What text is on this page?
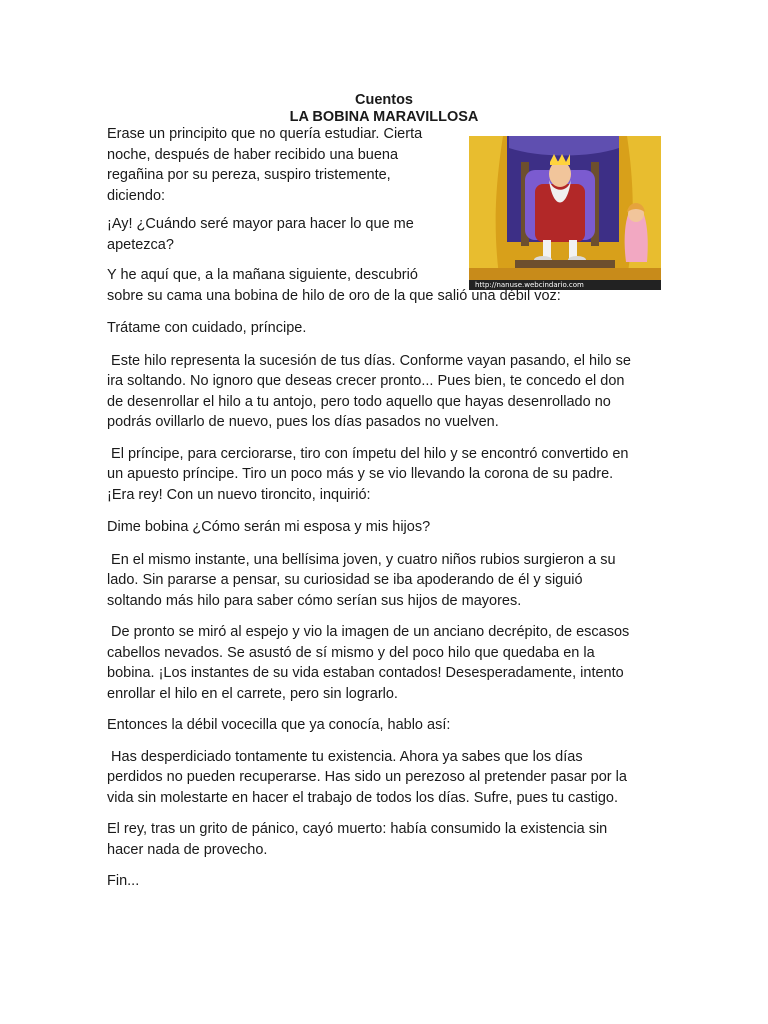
Cuentos
LA BOBINA MARAVILLOSA
http://nanuse.webcindario.com

Erase un principito que no quería estudiar. Cierta
noche, después de haber recibido una buena
regañina por su pereza, suspiro tristemente,
diciendo:

¡Ay! ¿Cuándo seré mayor para hacer lo que me
apetezca?

Y he aquí que, a la mañana siguiente, descubrió
sobre su cama una bobina de hilo de oro de la que salió una débil voz:

Trátame con cuidado, príncipe.

Este hilo representa la sucesión de tus días. Conforme vayan pasando, el hilo se
ira soltando. No ignoro que deseas crecer pronto... Pues bien, te concedo el don
de desenrollar el hilo a tu antojo, pero todo aquello que hayas desenrollado no
podrás ovillarlo de nuevo, pues los días pasados no vuelven.

El príncipe, para cerciorarse, tiro con ímpetu del hilo y se encontró convertido en
un apuesto príncipe. Tiro un poco más y se vio llevando la corona de su padre.
¡Era rey! Con un nuevo tironcito, inquirió:

Dime bobina ¿Cómo serán mi esposa y mis hijos?

En el mismo instante, una bellísima joven, y cuatro niños rubios surgieron a su
lado. Sin pararse a pensar, su curiosidad se iba apoderando de él y siguió
soltando más hilo para saber cómo serían sus hijos de mayores.

De pronto se miró al espejo y vio la imagen de un anciano decrépito, de escasos
cabellos nevados. Se asustó de sí mismo y del poco hilo que quedaba en la
bobina. ¡Los instantes de su vida estaban contados! Desesperadamente, intento
enrollar el hilo en el carrete, pero sin lograrlo.

Entonces la débil vocecilla que ya conocía, hablo así:

Has desperdiciado tontamente tu existencia. Ahora ya sabes que los días
perdidos no pueden recuperarse. Has sido un perezoso al pretender pasar por la
vida sin molestarte en hacer el trabajo de todos los días. Sufre, pues tu castigo.

El rey, tras un grito de pánico, cayó muerto: había consumido la existencia sin
hacer nada de provecho.

Fin...
